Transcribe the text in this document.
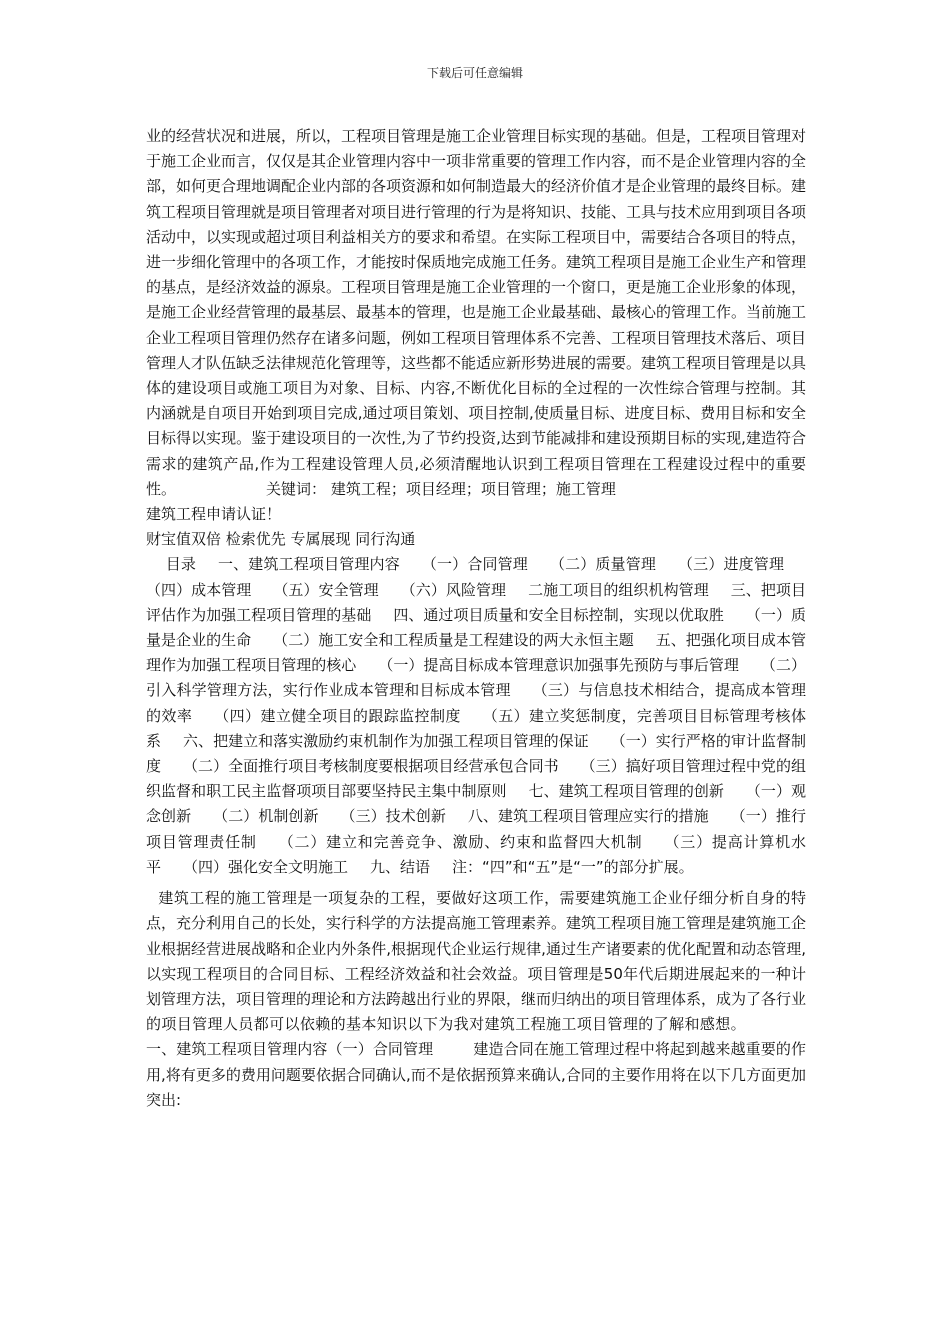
下载后可任意编辑

业的经营状况和进展，所以，工程项目管理是施工企业管理目标实现的基础。但是，工程项目管理对于施工企业而言，仅仅是其企业管理内容中一项非常重要的管理工作内容，而不是企业管理内容的全部，如何更合理地调配企业内部的各项资源和如何制造最大的经济价值才是企业管理的最终目标。建筑工程项目管理就是项目管理者对项目进行管理的行为是将知识、技能、工具与技术应用到项目各项活动中，以实现或超过项目利益相关方的要求和希望。在实际工程项目中，需要结合各项目的特点，进一步细化管理中的各项工作，才能按时保质地完成施工任务。建筑工程项目是施工企业生产和管理的基点，是经济效益的源泉。工程项目管理是施工企业管理的一个窗口，更是施工企业形象的体现，是施工企业经营管理的最基层、最基本的管理，也是施工企业最基础、最核心的管理工作。当前施工企业工程项目管理仍然存在诸多问题，例如工程项目管理体系不完善、工程项目管理技术落后、项目管理人才队伍缺乏法律规范化管理等，这些都不能适应新形势进展的需要。建筑工程项目管理是以具体的建设项目或施工项目为对象、目标、内容,不断优化目标的全过程的一次性综合管理与控制。其内涵就是自项目开始到项目完成,通过项目策划、项目控制,使质量目标、进度目标、费用目标和安全目标得以实现。鉴于建设项目的一次性,为了节约投资,达到节能减排和建设预期目标的实现,建造符合需求的建筑产品,作为工程建设管理人员,必须清醒地认识到工程项目管理在工程建设过程中的重要性。	关键词： 建筑工程；项目经理；项目管理；施工管理

建筑工程申请认证！

财宝值双倍 检索优先 专属展现 同行沟通

目录 一、建筑工程项目管理内容 （一）合同管理 （二）质量管理 （三）进度管理（四）成本管理 （五）安全管理 （六）风险管理 二施工项目的组织机构管理 三、把项目评估作为加强工程项目管理的基础 四、通过项目质量和安全目标控制，实现以优取胜 （一）质量是企业的生命 （二）施工安全和工程质量是工程建设的两大永恒主题 五、把强化项目成本管理作为加强工程项目管理的核心 （一）提高目标成本管理意识加强事先预防与事后管理 （二）引入科学管理方法，实行作业成本管理和目标成本管理 （三）与信息技术相结合，提高成本管理的效率 （四）建立健全项目的跟踪监控制度 （五）建立奖惩制度，完善项目目标管理考核体系 六、把建立和落实激励约束机制作为加强工程项目管理的保证 （一）实行严格的审计监督制度 （二）全面推行项目考核制度要根据项目经营承包合同书 （三）搞好项目管理过程中党的组织监督和职工民主监督项项目部要坚持民主集中制原则 七、建筑工程项目管理的创新 （一）观念创新 （二）机制创新 （三）技术创新 八、建筑工程项目管理应实行的措施 （一）推行项目管理责任制 （二）建立和完善竞争、激励、约束和监督四大机制 （三）提高计算机水平 （四）强化安全文明施工 九、结语 注：“四”和“五”是“一”的部分扩展。

建筑工程的施工管理是一项复杂的工程，要做好这项工作，需要建筑施工企业仔细分析自身的特点，充分利用自己的长处，实行科学的方法提高施工管理素养。建筑工程项目施工管理是建筑施工企业根据经营进展战略和企业内外条件,根据现代企业运行规律,通过生产诸要素的优化配置和动态管理,以实现工程项目的合同目标、工程经济效益和社会效益。项目管理是50年代后期进展起来的一种计划管理方法，项目管理的理论和方法跨越出行业的界限，继而归纳出的项目管理体系，成为了各行业的项目管理人员都可以依赖的基本知识以下为我对建筑工程施工项目管理的了解和感想。一、建筑工程项目管理内容（一）合同管理	建造合同在施工管理过程中将起到越来越重要的作用,将有更多的费用问题要依据合同确认,而不是依据预算来确认,合同的主要作用将在以下几方面更加突出:
